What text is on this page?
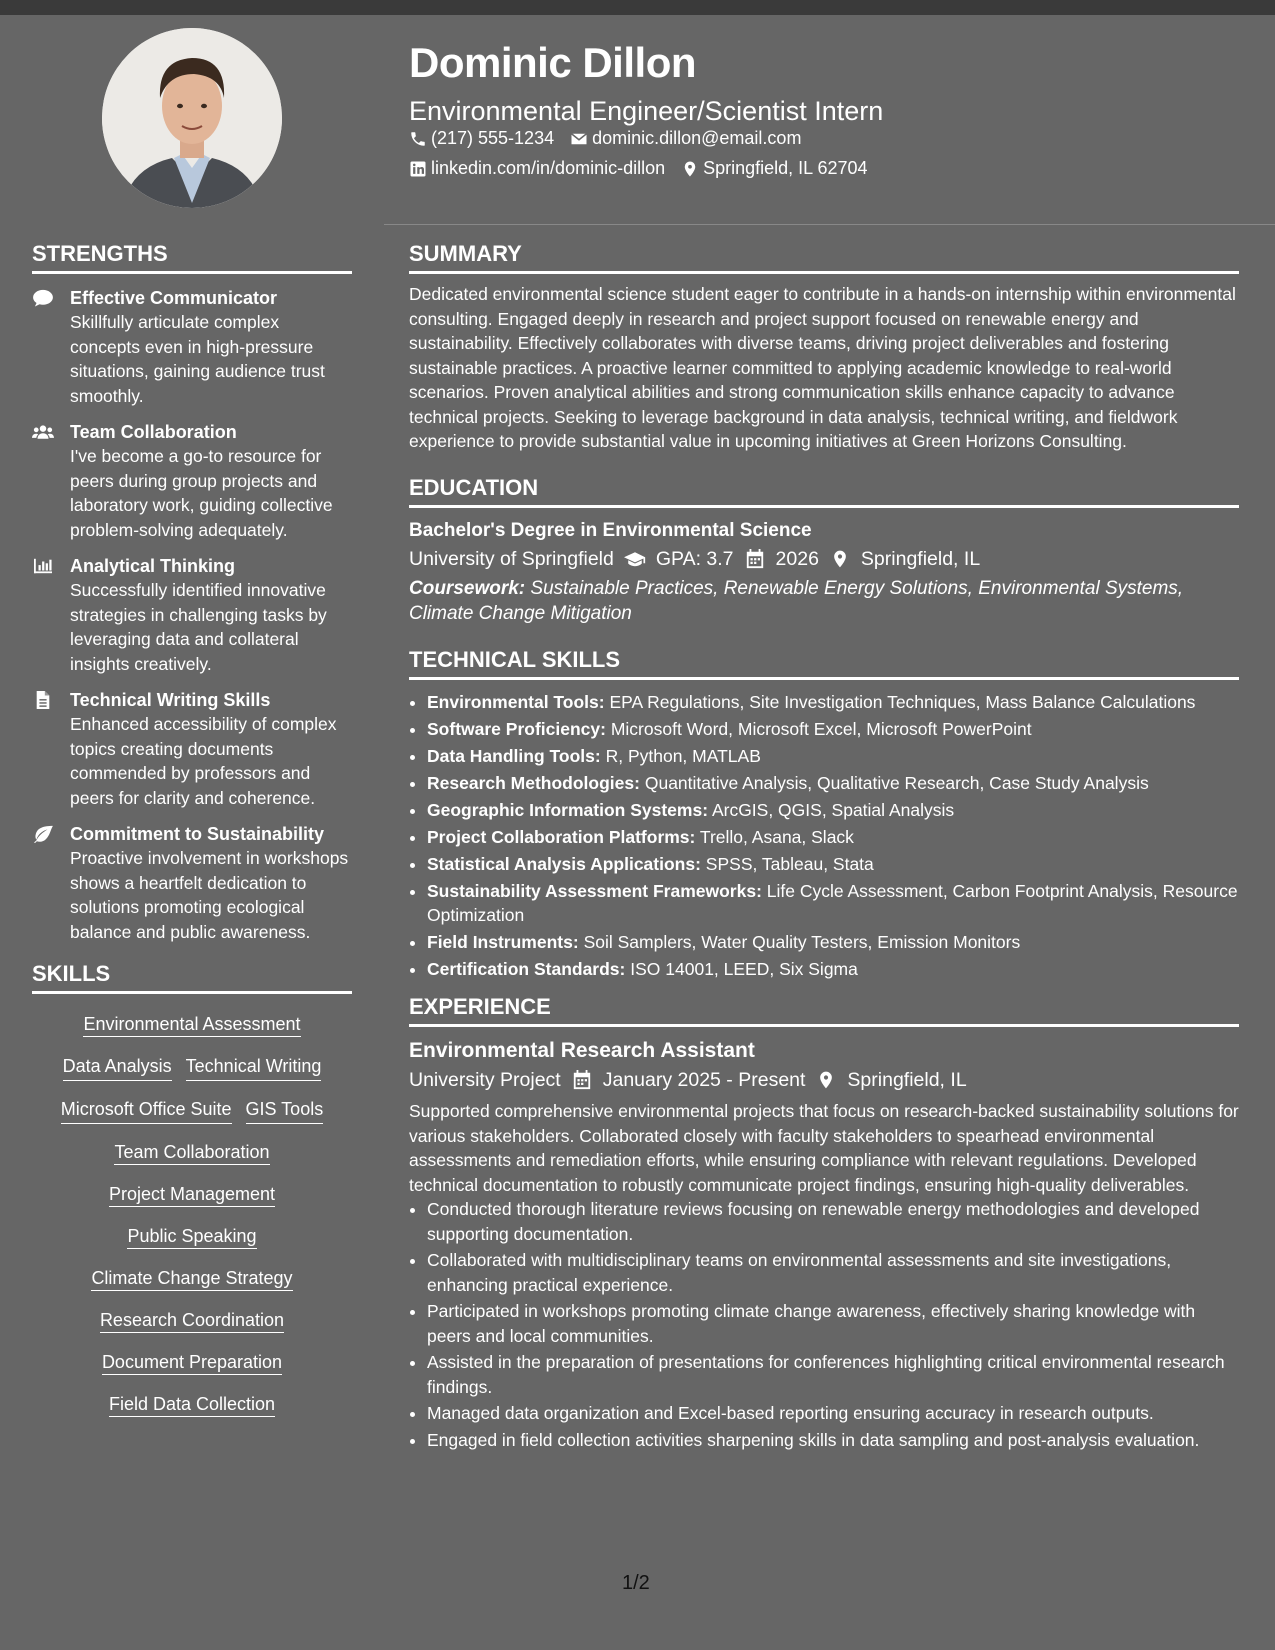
Dominic Dillon
Environmental Engineer/Scientist Intern
(217) 555-1234 dominic.dillon@email.com
linkedin.com/in/dominic-dillon Springfield, IL 62704
STRENGTHS
Effective Communicator
Skillfully articulate complex concepts even in high-pressure situations, gaining audience trust smoothly.
Team Collaboration
I've become a go-to resource for peers during group projects and laboratory work, guiding collective problem-solving adequately.
Analytical Thinking
Successfully identified innovative strategies in challenging tasks by leveraging data and collateral insights creatively.
Technical Writing Skills
Enhanced accessibility of complex topics creating documents commended by professors and peers for clarity and coherence.
Commitment to Sustainability
Proactive involvement in workshops shows a heartfelt dedication to solutions promoting ecological balance and public awareness.
SKILLS
Environmental Assessment
Data Analysis Technical Writing
Microsoft Office Suite GIS Tools
Team Collaboration
Project Management
Public Speaking
Climate Change Strategy
Research Coordination
Document Preparation
Field Data Collection
SUMMARY

Dedicated environmental science student eager to contribute in a hands-on internship within environmental consulting. Engaged deeply in research and project support focused on renewable energy and sustainability. Effectively collaborates with diverse teams, driving project deliverables and fostering sustainable practices. A proactive learner committed to applying academic knowledge to real-world scenarios. Proven analytical abilities and strong communication skills enhance capacity to advance technical projects. Seeking to leverage background in data analysis, technical writing, and fieldwork experience to provide substantial value in upcoming initiatives at Green Horizons Consulting.

EDUCATION
Bachelor's Degree in Environmental Science
University of Springfield GPA: 3.7 2026 Springfield, IL
Coursework: Sustainable Practices, Renewable Energy Solutions, Environmental Systems, Climate Change Mitigation
TECHNICAL SKILLS
• Environmental Tools: EPA Regulations, Site Investigation Techniques, Mass Balance Calculations
• Software Proficiency: Microsoft Word, Microsoft Excel, Microsoft PowerPoint
• Data Handling Tools: R, Python, MATLAB
• Research Methodologies: Quantitative Analysis, Qualitative Research, Case Study Analysis
• Geographic Information Systems: ArcGIS, QGIS, Spatial Analysis
• Project Collaboration Platforms: Trello, Asana, Slack
• Statistical Analysis Applications: SPSS, Tableau, Stata
• Sustainability Assessment Frameworks: Life Cycle Assessment, Carbon Footprint Analysis, Resource Optimization
• Field Instruments: Soil Samplers, Water Quality Testers, Emission Monitors
• Certification Standards: ISO 14001, LEED, Six Sigma
EXPERIENCE
Environmental Research Assistant
University Project January 2025 - Present Springfield, IL

Supported comprehensive environmental projects that focus on research-backed sustainability solutions for various stakeholders. Collaborated closely with faculty stakeholders to spearhead environmental assessments and remediation efforts, while ensuring compliance with relevant regulations. Developed technical documentation to robustly communicate project findings, ensuring high-quality deliverables.

• Conducted thorough literature reviews focusing on renewable energy methodologies and developed supporting documentation.
• Collaborated with multidisciplinary teams on environmental assessments and site investigations, enhancing practical experience.
• Participated in workshops promoting climate change awareness, effectively sharing knowledge with peers and local communities.
• Assisted in the preparation of presentations for conferences highlighting critical environmental research findings.
• Managed data organization and Excel-based reporting ensuring accuracy in research outputs.
• Engaged in field collection activities sharpening skills in data sampling and post-analysis evaluation.
1/2
